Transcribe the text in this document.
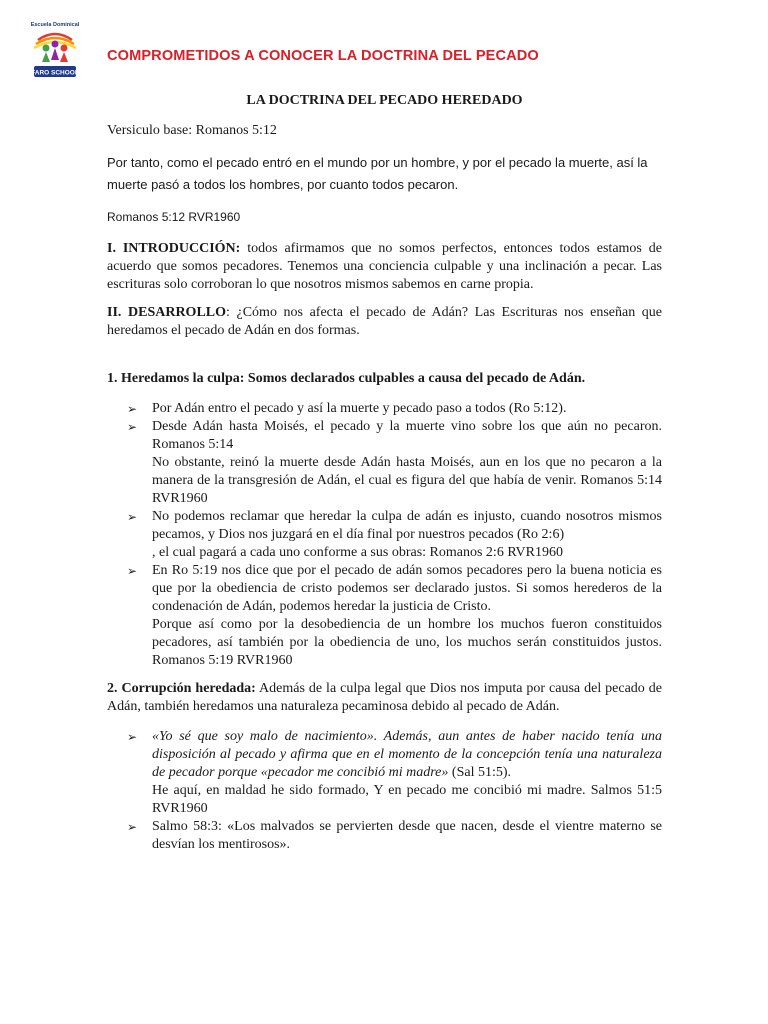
Escuela Dominical
FARO SCHOOL
COMPROMETIDOS A CONOCER LA DOCTRINA DEL PECADO

LA DOCTRINA DEL PECADO HEREDADO

Versiculo base: Romanos 5:12

Por tanto, como el pecado entró en el mundo por un hombre, y por el pecado la muerte, así la muerte pasó a todos los hombres, por cuanto todos pecaron.

Romanos 5:12 RVR1960

I. INTRODUCCIÓN: todos afirmamos que no somos perfectos, entonces todos estamos de acuerdo que somos pecadores. Tenemos una conciencia culpable y una inclinación a pecar. Las escrituras solo corroboran lo que nosotros mismos sabemos en carne propia.

II. DESARROLLO: ¿Cómo nos afecta el pecado de Adán? Las Escrituras nos enseñan que heredamos el pecado de Adán en dos formas.

1. Heredamos la culpa: Somos declarados culpables a causa del pecado de Adán.

➢ Por Adán entro el pecado y así la muerte y pecado paso a todos (Ro 5:12).
➢ Desde Adán hasta Moisés, el pecado y la muerte vino sobre los que aún no pecaron. Romanos 5:14
No obstante, reinó la muerte desde Adán hasta Moisés, aun en los que no pecaron a la manera de la transgresión de Adán, el cual es figura del que había de venir. Romanos 5:14 RVR1960
➢ No podemos reclamar que heredar la culpa de adán es injusto, cuando nosotros mismos pecamos, y Dios nos juzgará en el día final por nuestros pecados (Ro 2:6)
, el cual pagará a cada uno conforme a sus obras: Romanos 2:6 RVR1960
➢ En Ro 5:19 nos dice que por el pecado de adán somos pecadores pero la buena noticia es que por la obediencia de cristo podemos ser declarado justos. Si somos herederos de la condenación de Adán, podemos heredar la justicia de Cristo.
Porque así como por la desobediencia de un hombre los muchos fueron constituidos pecadores, así también por la obediencia de uno, los muchos serán constituidos justos. Romanos 5:19 RVR1960

2. Corrupción heredada: Además de la culpa legal que Dios nos imputa por causa del pecado de Adán, también heredamos una naturaleza pecaminosa debido al pecado de Adán.

➢ «Yo sé que soy malo de nacimiento». Además, aun antes de haber nacido tenía una disposición al pecado y afirma que en el momento de la concepción tenía una naturaleza de pecador porque «pecador me concibió mi madre» (Sal 51:5).
He aquí, en maldad he sido formado, Y en pecado me concibió mi madre. Salmos 51:5 RVR1960
➢ Salmo 58:3: «Los malvados se pervierten desde que nacen, desde el vientre materno se desvían los mentirosos».
